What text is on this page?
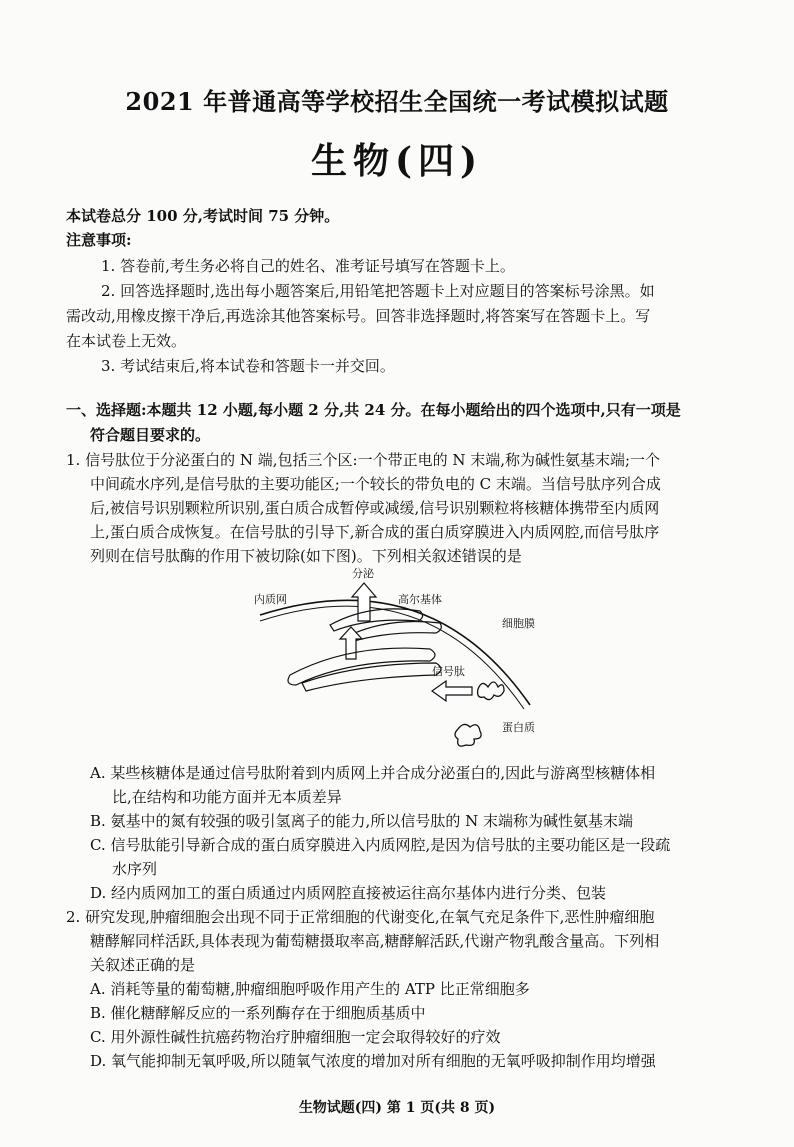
2021 年普通高等学校招生全国统一考试模拟试题
生物(四)
本试卷总分 100 分,考试时间 75 分钟。
注意事项:
1. 答卷前,考生务必将自己的姓名、准考证号填写在答题卡上。
2. 回答选择题时,选出每小题答案后,用铅笔把答题卡上对应题目的答案标号涂黑。如
需改动,用橡皮擦干净后,再选涂其他答案标号。回答非选择题时,将答案写在答题卡上。写
在本试卷上无效。
3. 考试结束后,将本试卷和答题卡一并交回。
一、选择题:本题共 12 小题,每小题 2 分,共 24 分。在每小题给出的四个选项中,只有一项是
符合题目要求的。
1. 信号肽位于分泌蛋白的 N 端,包括三个区:一个带正电的 N 末端,称为碱性氨基末端;一个
中间疏水序列,是信号肽的主要功能区;一个较长的带负电的 C 末端。当信号肽序列合成
后,被信号识别颗粒所识别,蛋白质合成暂停或减缓,信号识别颗粒将核糖体携带至内质网
上,蛋白质合成恢复。在信号肽的引导下,新合成的蛋白质穿膜进入内质网腔,而信号肽序
列则在信号肽酶的作用下被切除(如下图)。下列相关叙述错误的是
分泌
内质网	高尔基体
细胞膜
信号肽
蛋白质
A. 某些核糖体是通过信号肽附着到内质网上并合成分泌蛋白的,因此与游离型核糖体相
比,在结构和功能方面并无本质差异
B. 氨基中的氮有较强的吸引氢离子的能力,所以信号肽的 N 末端称为碱性氨基末端
C. 信号肽能引导新合成的蛋白质穿膜进入内质网腔,是因为信号肽的主要功能区是一段疏
水序列
D. 经内质网加工的蛋白质通过内质网腔直接被运往高尔基体内进行分类、包装
2. 研究发现,肿瘤细胞会出现不同于正常细胞的代谢变化,在氧气充足条件下,恶性肿瘤细胞
糖酵解同样活跃,具体表现为葡萄糖摄取率高,糖酵解活跃,代谢产物乳酸含量高。下列相
关叙述正确的是
A. 消耗等量的葡萄糖,肿瘤细胞呼吸作用产生的 ATP 比正常细胞多
B. 催化糖酵解反应的一系列酶存在于细胞质基质中
C. 用外源性碱性抗癌药物治疗肿瘤细胞一定会取得较好的疗效
D. 氧气能抑制无氧呼吸,所以随氧气浓度的增加对所有细胞的无氧呼吸抑制作用均增强
生物试题(四) 第 1 页(共 8 页)
